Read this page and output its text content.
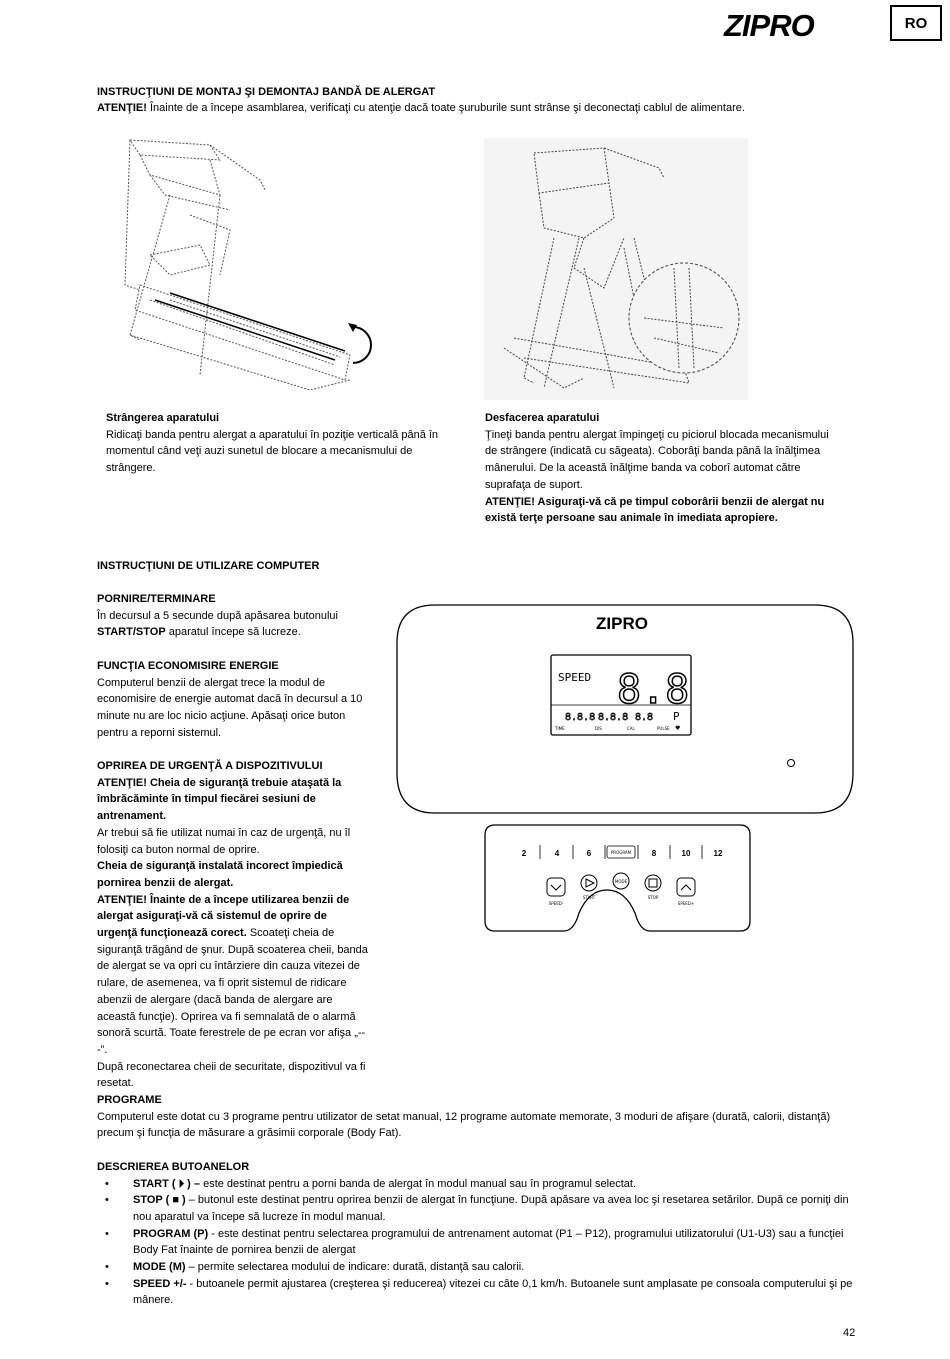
ZIPRO	RO
INSTRUCŢIUNI DE MONTAJ ŞI DEMONTAJ BANDĂ DE ALERGAT
ATENŢIE! Înainte de a începe asamblarea, verificaţi cu atenţie dacă toate şuruburile sunt strânse şi deconectaţi cablul de alimentare.

Strângerea aparatului

Ridicaţi banda pentru alergat a aparatului în poziţie verticală până în momentul când veţi auzi sunetul de blocare a mecanismului de strângere.

Desfacerea aparatului

Ţineţi banda pentru alergat împingeţi cu piciorul blocada mecanismului de strângere (indicată cu săgeata). Coborâţi banda până la înălţimea mânerului. De la această înălţime banda va coborî automat către suprafaţa de suport.

ATENŢIE! Asiguraţi-vă că pe timpul coborârii benzii de alergat nu există terţe persoane sau animale în imediata apropiere.

INSTRUCŢIUNI DE UTILIZARE COMPUTER

PORNIRE/TERMINARE

În decursul a 5 secunde după apăsarea butonului START/STOP aparatul începe să lucreze.

FUNCŢIA ECONOMISIRE ENERGIE

Computerul benzii de alergat trece la modul de economisire de energie automat dacă în decursul a 10 minute nu are loc nicio acţiune. Apăsaţi orice buton pentru a reporni sistemul.

OPRIREA DE URGENŢĂ A DISPOZITIVULUI

ATENŢIE! Cheia de siguranţă trebuie ataşată la îmbrăcăminte în timpul fiecărei sesiuni de antrenament.

Ar trebui să fie utilizat numai în caz de urgenţă, nu îl folosiţi ca buton normal de oprire.

Cheia de siguranţă instalată incorect împiedică pornirea benzii de alergat.

ATENŢIE! Înainte de a începe utilizarea benzii de alergat asiguraţi-vă că sistemul de oprire de urgenţă funcţionează corect. Scoateţi cheia de siguranţă trăgând de şnur. După scoaterea cheii, banda de alergat se va opri cu întârziere din cauza vitezei de rulare, de asemenea, va fi oprit sistemul de ridicare abenzii de alergare (dacă banda de alergare are această funcţie). Oprirea va fi semnalată de o alarmă sonoră scurtă. Toate ferestrele de pe ecran vor afişa „---”.

După reconectarea cheii de securitate, dispozitivul va fi resetat.

ZIPRO
SPEED 8.8
8.8.8 8.8.8 8.8 P
TIME	DIS	CAL	PULSE ♥
2	4	6	8	10	12
PROGRAM
SPEED-
START
MODE
STOP
SPEED+

PROGRAME

Computerul este dotat cu 3 programe pentru utilizator de setat manual, 12 programe automate memorate, 3 moduri de afişare (durată, calorii, distanţă) precum şi funcţia de măsurare a grăsimii corporale (Body Fat).

DESCRIEREA BUTOANELOR

• START ( ⏵ ) – este destinat pentru a porni banda de alergat în modul manual sau în programul selectat.
• STOP ( ■ ) – butonul este destinat pentru oprirea benzii de alergat în funcţiune. După apăsare va avea loc şi resetarea setărilor. După ce porniţi din nou aparatul va începe să lucreze în modul manual.
• PROGRAM (P) - este destinat pentru selectarea programului de antrenament automat (P1 – P12), programului utilizatorului (U1-U3) sau a funcţiei Body Fat înainte de pornirea benzii de alergat
• MODE (M) – permite selectarea modului de indicare: durată, distanţă sau calorii.
• SPEED +/- - butoanele permit ajustarea (creşterea şi reducerea) vitezei cu câte 0,1 km/h. Butoanele sunt amplasate pe consoala computerului şi pe mânere.
42
